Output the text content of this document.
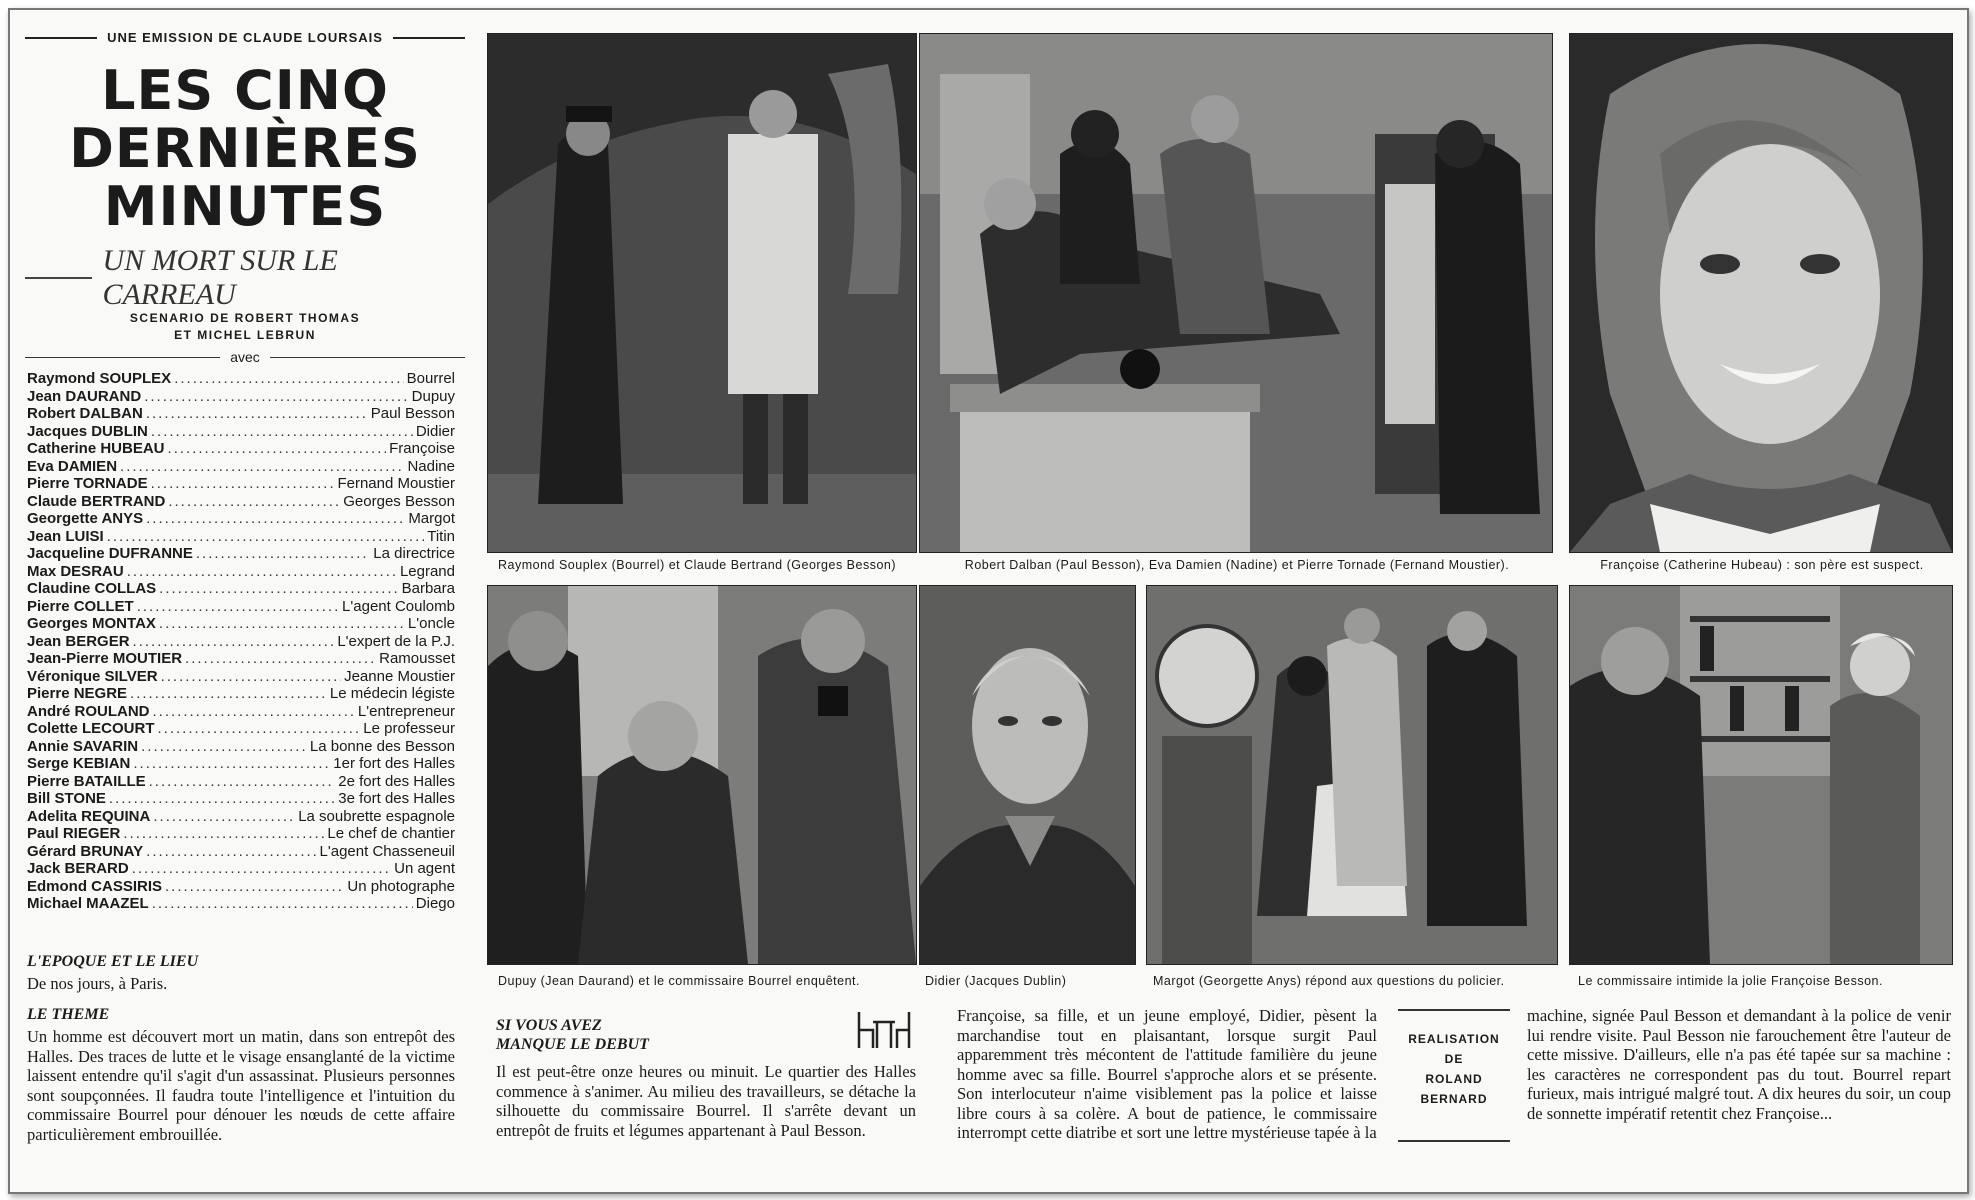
UNE EMISSION DE CLAUDE LOURSAIS
LES CINQ
DERNIÈRES
MINUTES
UN MORT SUR LE CARREAU
SCENARIO DE ROBERT THOMAS
ET MICHEL LEBRUN
avec
Raymond SOUPLEX .....	Bourrel
Jean DAURAND .....	Dupuy
Robert DALBAN .....	Paul Besson
Jacques DUBLIN .....	Didier
Catherine HUBEAU .....	Françoise
Eva DAMIEN .....	Nadine
Pierre TORNADE .....	Fernand Moustier
Claude BERTRAND .....	Georges Besson
Georgette ANYS .....	Margot
Jean LUISI .....	Titin
Jacqueline DUFRANNE .....	La directrice
Max DESRAU .....	Legrand
Claudine COLLAS .....	Barbara
Pierre COLLET .....	L'agent Coulomb
Georges MONTAX .....	L'oncle
Jean BERGER .....	L'expert de la P.J.
Jean-Pierre MOUTIER .....	Ramousset
Véronique SILVER .....	Jeanne Moustier
Pierre NEGRE .....	Le médecin légiste
André ROULAND .....	L'entrepreneur
Colette LECOURT .....	Le professeur
Annie SAVARIN .....	La bonne des Besson
Serge KEBIAN .....	1er fort des Halles
Pierre BATAILLE .....	2e fort des Halles
Bill STONE .....	3e fort des Halles
Adelita REQUINA .....	La soubrette espagnole
Paul RIEGER .....	Le chef de chantier
Gérard BRUNAY .....	L'agent Chasseneuil
Jack BERARD .....	Un agent
Edmond CASSIRIS .....	Un photographe
Michael MAAZEL .....	Diego
L'EPOQUE ET LE LIEU
De nos jours, à Paris.
LE THEME
Un homme est découvert mort un matin, dans son entrepôt des Halles. Des traces de lutte et le visage ensanglanté de la victime laissent entendre qu'il s'agit d'un assassinat. Plusieurs personnes sont soupçonnées. Il faudra toute l'intelligence et l'intuition du commissaire Bourrel pour dénouer les nœuds de cette affaire particulièrement embrouillée.
Raymond Souplex (Bourrel) et Claude Bertrand (Georges Besson)	Robert Dalban (Paul Besson), Eva Damien (Nadine) et Pierre Tornade (Fernand Moustier).	Françoise (Catherine Hubeau) : son père est suspect.
Dupuy (Jean Daurand) et le commissaire Bourrel enquêtent.	Didier (Jacques Dublin)	Margot (Georgette Anys) répond aux questions du policier.	Le commissaire intimide la jolie Françoise Besson.
SI VOUS AVEZ
MANQUE LE DEBUT
Il est peut-être onze heures ou minuit. Le quartier des Halles commence à s'animer. Au milieu des travailleurs, se détache la silhouette du commissaire Bourrel. Il s'arrête devant un entrepôt de fruits et légumes appartenant à Paul Besson.
Françoise, sa fille, et un jeune employé, Didier, pèsent la marchandise tout en plaisantant, lorsque surgit Paul apparemment très mécontent de l'attitude familière du jeune homme avec sa fille. Bourrel s'approche alors et se présente. Son interlocuteur n'aime visiblement pas la police et laisse libre cours à sa colère. A bout de patience, le commissaire interrompt cette diatribe et sort une lettre mystérieuse tapée à la
REALISATION
DE
ROLAND
BERNARD
machine, signée Paul Besson et demandant à la police de venir lui rendre visite. Paul Besson nie farouchement être l'auteur de cette missive. D'ailleurs, elle n'a pas été tapée sur sa machine : les caractères ne correspondent pas du tout. Bourrel repart furieux, mais intrigué malgré tout. A dix heures du soir, un coup de sonnette impératif retentit chez Françoise...
